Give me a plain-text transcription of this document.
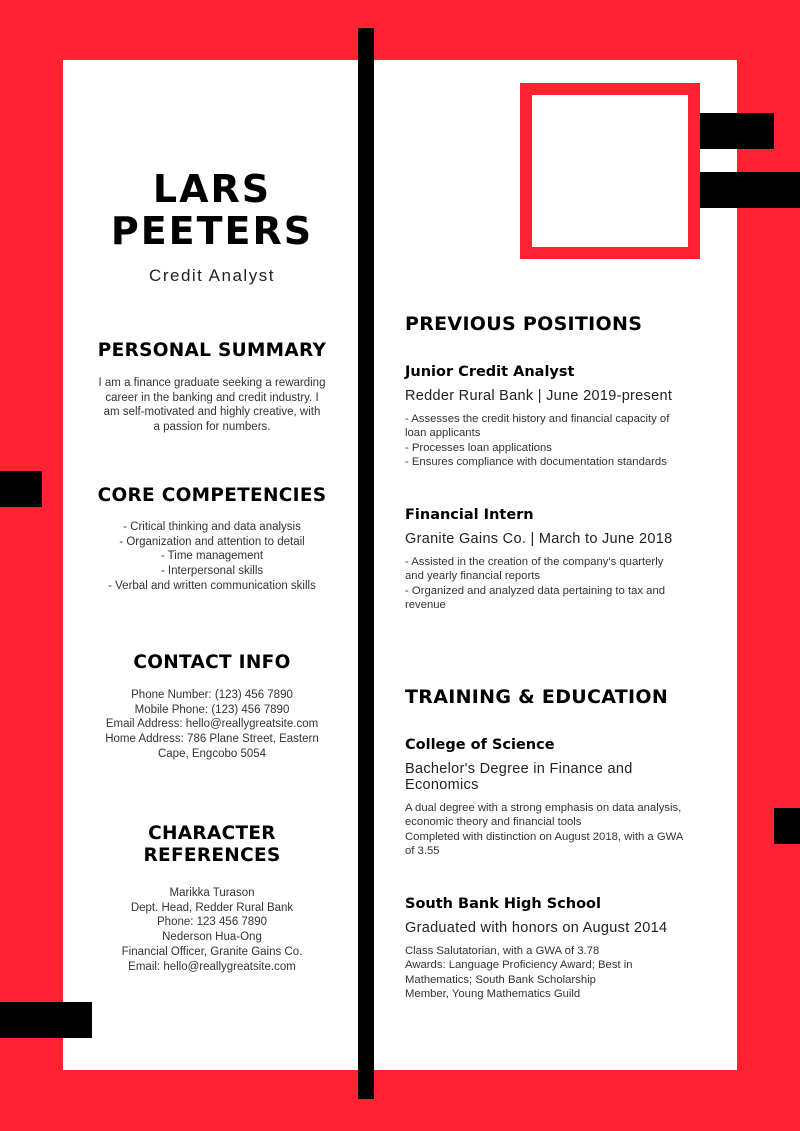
LARS
PEETERS
Credit Analyst
PERSONAL SUMMARY

I am a finance graduate seeking a rewarding

career in the banking and credit industry. I

am self-motivated and highly creative, with

a passion for numbers.

CORE COMPETENCIES

- Critical thinking and data analysis

- Organization and attention to detail

- Time management

- Interpersonal skills

- Verbal and written communication skills

CONTACT INFO

Phone Number: (123) 456 7890

Mobile Phone: (123) 456 7890

Email Address: hello@reallygreatsite.com

Home Address: 786 Plane Street, Eastern

Cape, Engcobo 5054

CHARACTER
REFERENCES

Marikka Turason

Dept. Head, Redder Rural Bank

Phone: 123 456 7890

Nederson Hua-Ong

Financial Officer, Granite Gains Co.

Email: hello@reallygreatsite.com

PREVIOUS POSITIONS
Junior Credit Analyst
Redder Rural Bank | June 2019-present
- Assesses the credit history and financial capacity of
loan applicants
- Processes loan applications
- Ensures compliance with documentation standards
Financial Intern
Granite Gains Co. | March to June 2018
- Assisted in the creation of the company's quarterly
and yearly financial reports
- Organized and analyzed data pertaining to tax and
revenue
TRAINING & EDUCATION
College of Science
Bachelor's Degree in Finance and
Economics
A dual degree with a strong emphasis on data analysis,
economic theory and financial tools
Completed with distinction on August 2018, with a GWA
of 3.55
South Bank High School
Graduated with honors on August 2014
Class Salutatorian, with a GWA of 3.78
Awards: Language Proficiency Award; Best in
Mathematics; South Bank Scholarship
Member, Young Mathematics Guild
